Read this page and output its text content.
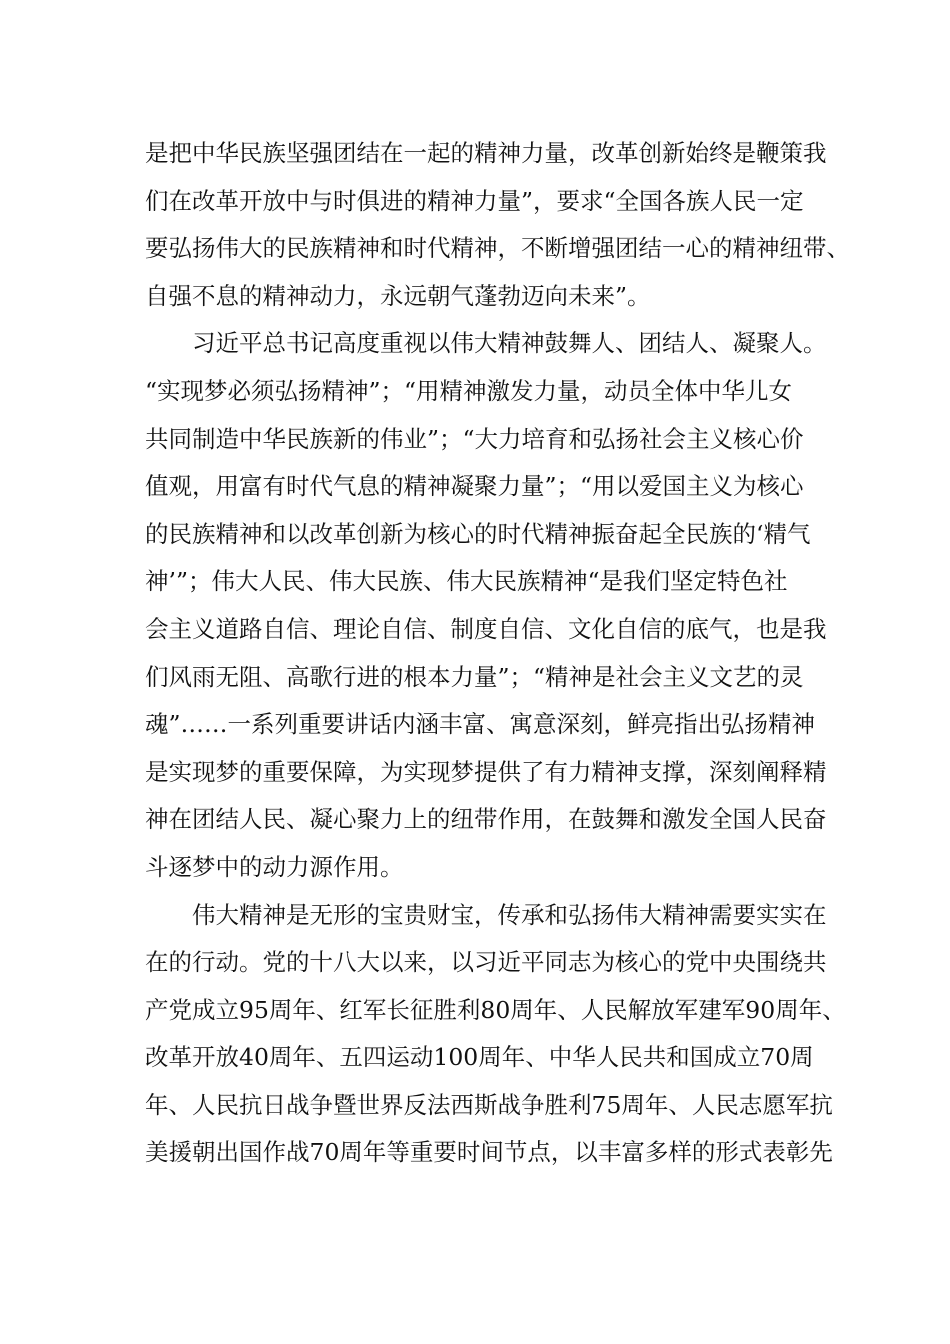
是把中华民族坚强团结在一起的精神力量，改革创新始终是鞭策我
们在改革开放中与时俱进的精神力量”，要求“全国各族人民一定
要弘扬伟大的民族精神和时代精神，不断增强团结一心的精神纽带、
自强不息的精神动力，永远朝气蓬勃迈向未来”。
习近平总书记高度重视以伟大精神鼓舞人、团结人、凝聚人。
“实现梦必须弘扬精神”；“用精神激发力量，动员全体中华儿女
共同制造中华民族新的伟业”；“大力培育和弘扬社会主义核心价
值观，用富有时代气息的精神凝聚力量”；“用以爱国主义为核心
的民族精神和以改革创新为核心的时代精神振奋起全民族的‘精气
神’”；伟大人民、伟大民族、伟大民族精神“是我们坚定特色社
会主义道路自信、理论自信、制度自信、文化自信的底气，也是我
们风雨无阻、高歌行进的根本力量”；“精神是社会主义文艺的灵
魂”……一系列重要讲话内涵丰富、寓意深刻，鲜亮指出弘扬精神
是实现梦的重要保障，为实现梦提供了有力精神支撑，深刻阐释精
神在团结人民、凝心聚力上的纽带作用，在鼓舞和激发全国人民奋
斗逐梦中的动力源作用。
伟大精神是无形的宝贵财宝，传承和弘扬伟大精神需要实实在
在的行动。党的十八大以来，以习近平同志为核心的党中央围绕共
产党成立95周年、红军长征胜利80周年、人民解放军建军90周年、
改革开放40周年、五四运动100周年、中华人民共和国成立70周
年、人民抗日战争暨世界反法西斯战争胜利75周年、人民志愿军抗
美援朝出国作战70周年等重要时间节点，以丰富多样的形式表彰先
